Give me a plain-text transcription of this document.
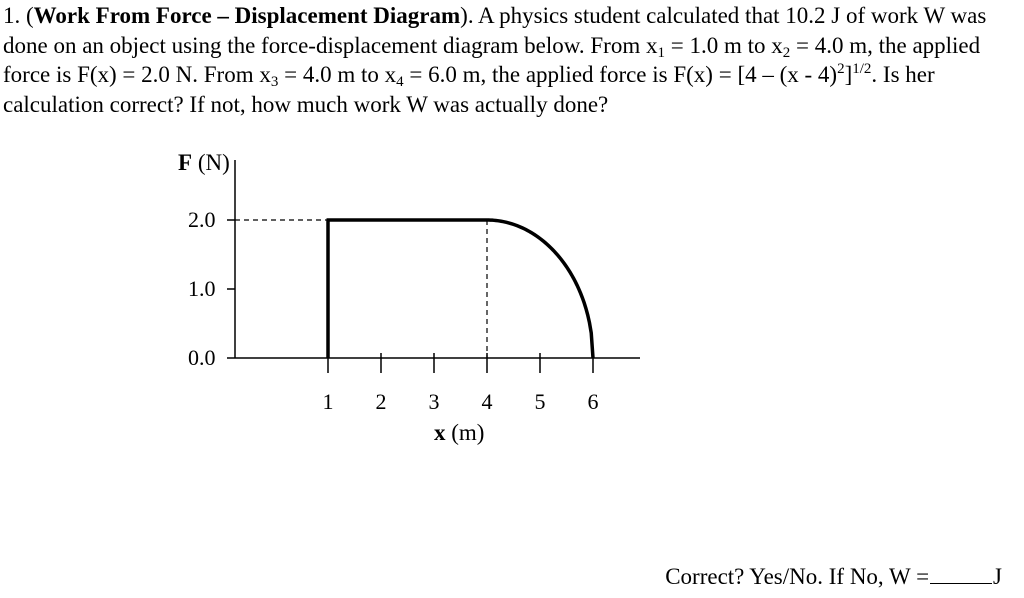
1. (Work From Force – Displacement Diagram). A physics student calculated that 10.2 J of work W was done on an object using the force-displacement diagram below. From $x_1 = 1.0$ m to $x_2 = 4.0$ m, the applied force is F(x) = 2.0 N. From $x_3 = 4.0$ m to $x_4 = 6.0$ m, the applied force is F(x) = [4 – (x - 4)$^2$]$^{1/2}$. Is her calculation correct? If not, how much work W was actually done?

0.0
1.0
2.0
1 2 3 4 5 6
F (N)
x (m)
Correct? Yes/No. If No, W =	J
